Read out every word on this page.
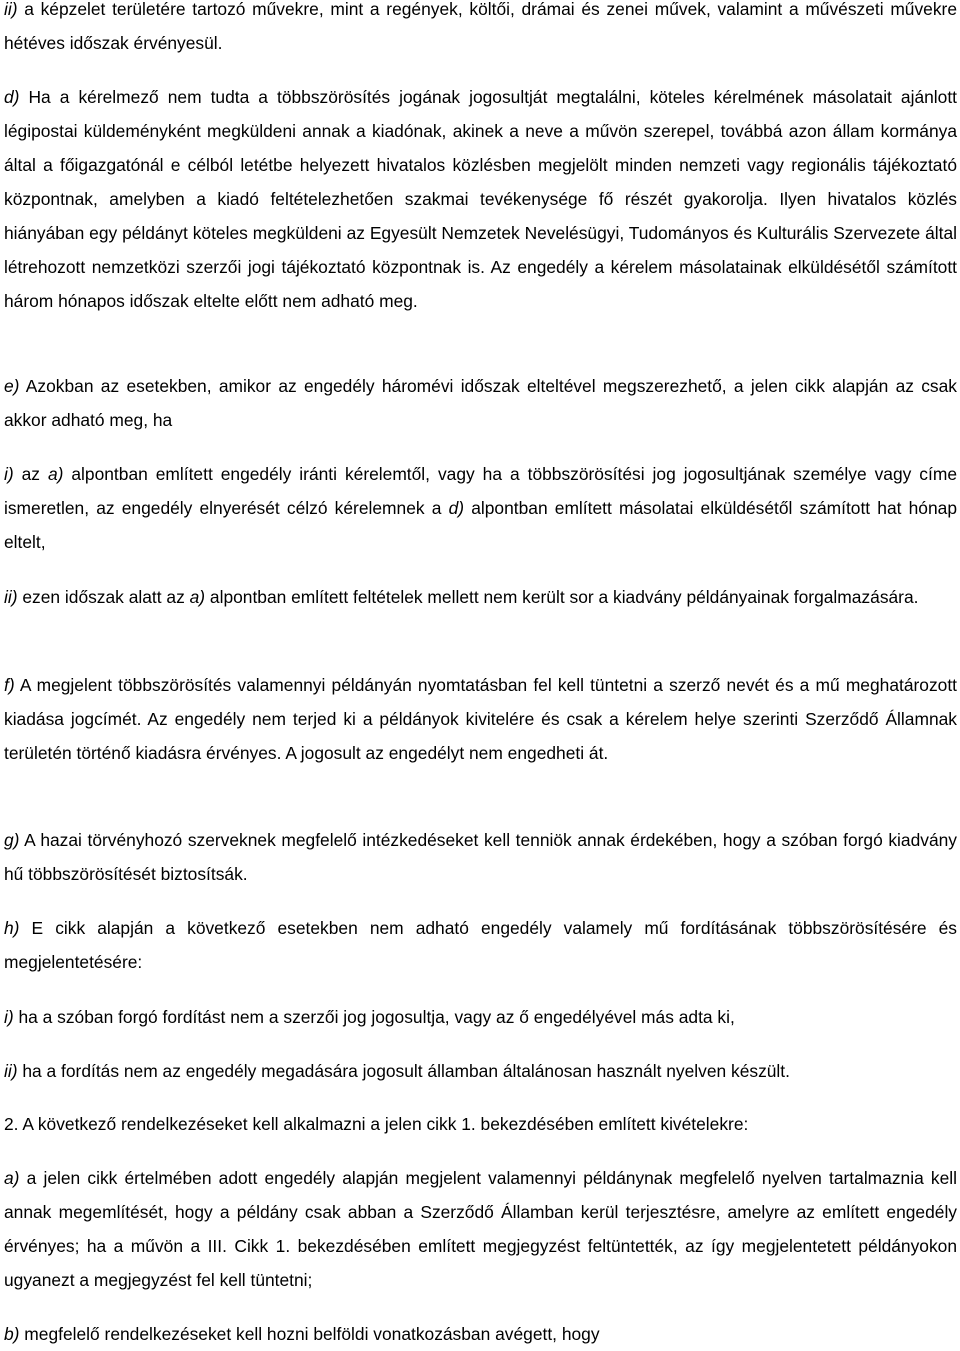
ii) a képzelet területére tartozó művekre, mint a regények, költői, drámai és zenei művek, valamint a művészeti művekre hétéves időszak érvényesül.

d) Ha a kérelmező nem tudta a többszörösítés jogának jogosultját megtalálni, köteles kérelmének másolatait ajánlott légipostai küldeményként megküldeni annak a kiadónak, akinek a neve a művön szerepel, továbbá azon állam kormánya által a főigazgatónál e célból letétbe helyezett hivatalos közlésben megjelölt minden nemzeti vagy regionális tájékoztató központnak, amelyben a kiadó feltételezhetően szakmai tevékenysége fő részét gyakorolja. Ilyen hivatalos közlés hiányában egy példányt köteles megküldeni az Egyesült Nemzetek Nevelésügyi, Tudományos és Kulturális Szervezete által létrehozott nemzetközi szerzői jogi tájékoztató központnak is. Az engedély a kérelem másolatainak elküldésétől számított három hónapos időszak eltelte előtt nem adható meg.

e) Azokban az esetekben, amikor az engedély háromévi időszak elteltével megszerezhető, a jelen cikk alapján az csak akkor adható meg, ha

i) az a) alpontban említett engedély iránti kérelemtől, vagy ha a többszörösítési jog jogosultjának személye vagy címe ismeretlen, az engedély elnyerését célzó kérelemnek a d) alpontban említett másolatai elküldésétől számított hat hónap eltelt,

ii) ezen időszak alatt az a) alpontban említett feltételek mellett nem került sor a kiadvány példányainak forgalmazására.

f) A megjelent többszörösítés valamennyi példányán nyomtatásban fel kell tüntetni a szerző nevét és a mű meghatározott kiadása jogcímét. Az engedély nem terjed ki a példányok kivitelére és csak a kérelem helye szerinti Szerződő Államnak területén történő kiadásra érvényes. A jogosult az engedélyt nem engedheti át.

g) A hazai törvényhozó szerveknek megfelelő intézkedéseket kell tenniök annak érdekében, hogy a szóban forgó kiadvány hű többszörösítését biztosítsák.

h) E cikk alapján a következő esetekben nem adható engedély valamely mű fordításának többszörösítésére és megjelentetésére:

i) ha a szóban forgó fordítást nem a szerzői jog jogosultja, vagy az ő engedélyével más adta ki,

ii) ha a fordítás nem az engedély megadására jogosult államban általánosan használt nyelven készült.

2. A következő rendelkezéseket kell alkalmazni a jelen cikk 1. bekezdésében említett kivételekre:

a) a jelen cikk értelmében adott engedély alapján megjelent valamennyi példánynak megfelelő nyelven tartalmaznia kell annak megemlítését, hogy a példány csak abban a Szerződő Államban kerül terjesztésre, amelyre az említett engedély érvényes; ha a művön a III. Cikk 1. bekezdésében említett megjegyzést feltüntették, az így megjelentetett példányokon ugyanezt a megjegyzést fel kell tüntetni;

b) megfelelő rendelkezéseket kell hozni belföldi vonatkozásban avégett, hogy
